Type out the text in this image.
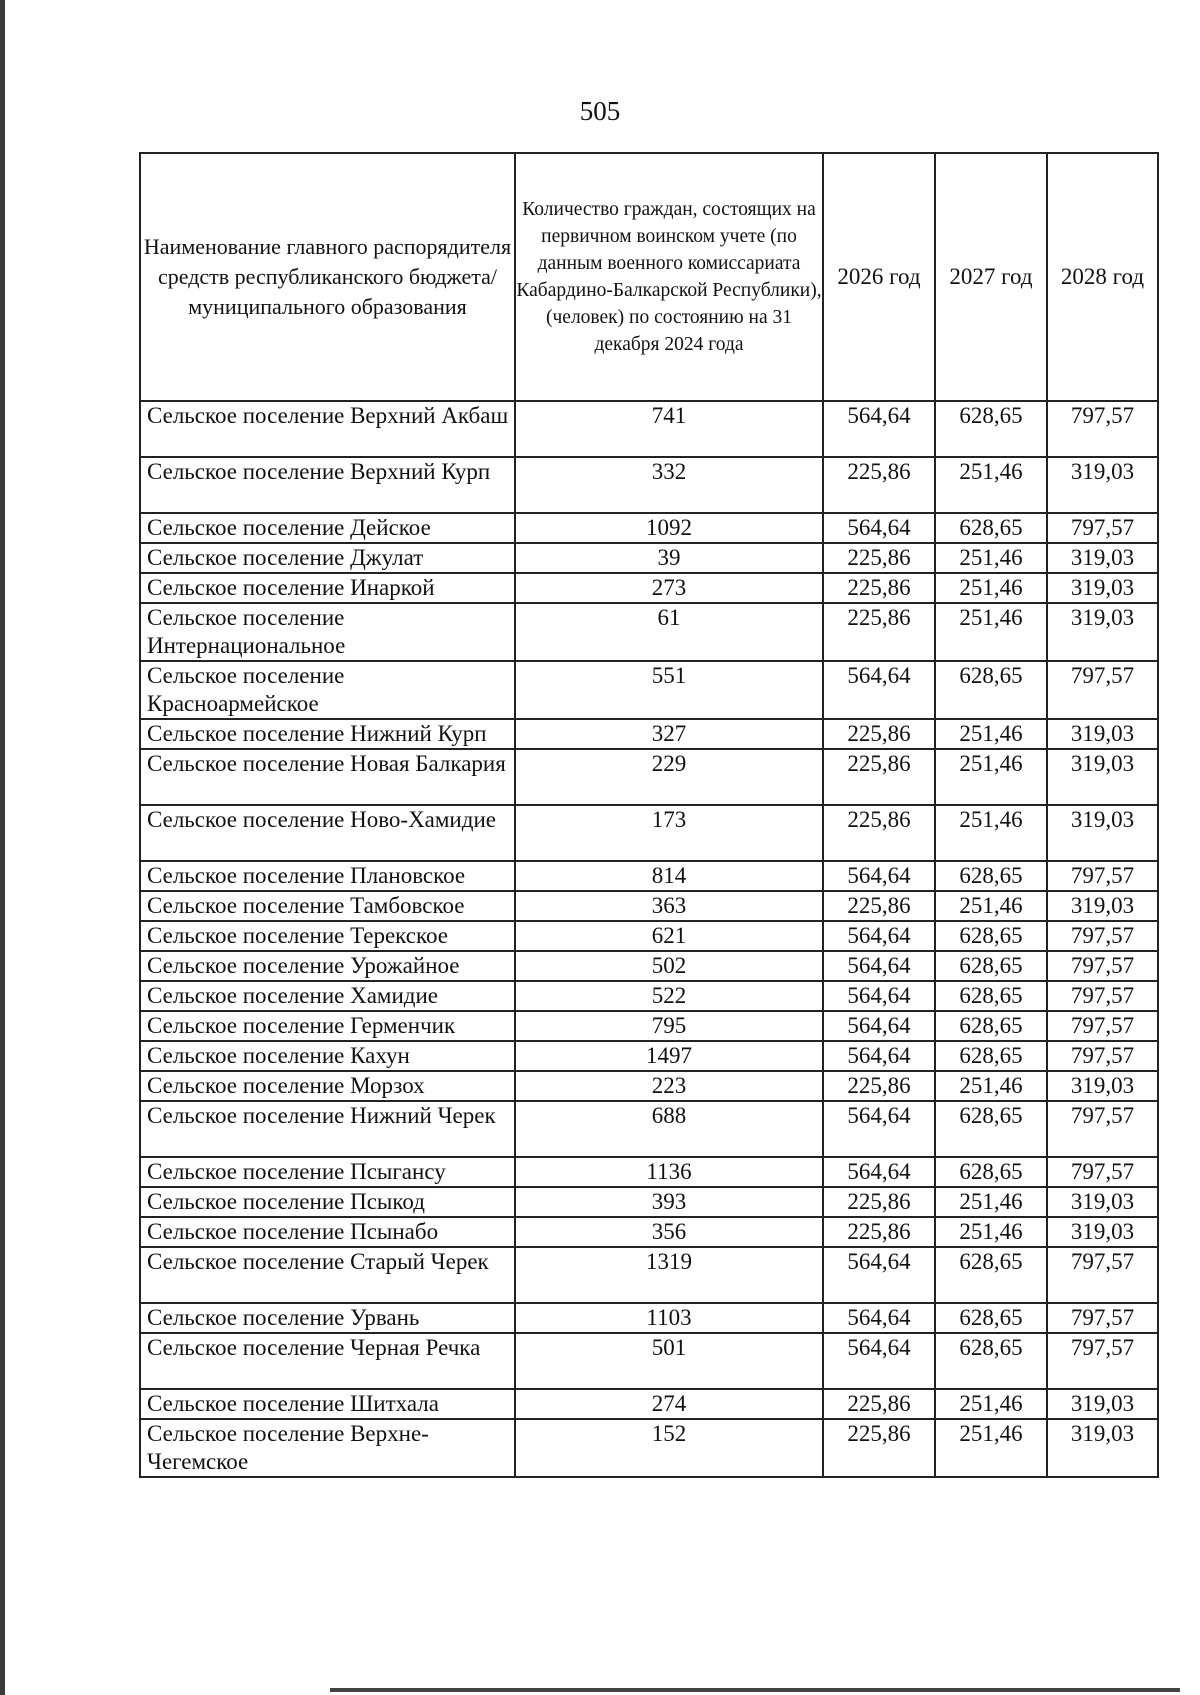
505
Наименование главного распорядителя средств республиканского бюджета/муниципального образования	Количество граждан, состоящих на первичном воинском учете (по данным военного комиссариата Кабардино-Балкарской Республики), (человек) по состоянию на 31 декабря 2024 года	2026 год	2027 год	2028 год
Сельское поселение Верхний Акбаш	741	564,64	628,65	797,57
Сельское поселение Верхний Курп	332	225,86	251,46	319,03
Сельское поселение Дейское	1092	564,64	628,65	797,57
Сельское поселение Джулат	39	225,86	251,46	319,03
Сельское поселение Инаркой	273	225,86	251,46	319,03
Сельское поселение Интернациональное	61	225,86	251,46	319,03
Сельское поселение Красноармейское	551	564,64	628,65	797,57
Сельское поселение Нижний Курп	327	225,86	251,46	319,03
Сельское поселение Новая Балкария	229	225,86	251,46	319,03
Сельское поселение Ново-Хамидие	173	225,86	251,46	319,03
Сельское поселение Плановское	814	564,64	628,65	797,57
Сельское поселение Тамбовское	363	225,86	251,46	319,03
Сельское поселение Терекское	621	564,64	628,65	797,57
Сельское поселение Урожайное	502	564,64	628,65	797,57
Сельское поселение Хамидие	522	564,64	628,65	797,57
Сельское поселение Герменчик	795	564,64	628,65	797,57
Сельское поселение Кахун	1497	564,64	628,65	797,57
Сельское поселение Морзох	223	225,86	251,46	319,03
Сельское поселение Нижний Черек	688	564,64	628,65	797,57
Сельское поселение Псыгансу	1136	564,64	628,65	797,57
Сельское поселение Псыкод	393	225,86	251,46	319,03
Сельское поселение Псынабо	356	225,86	251,46	319,03
Сельское поселение Старый Черек	1319	564,64	628,65	797,57
Сельское поселение Урвань	1103	564,64	628,65	797,57
Сельское поселение Черная Речка	501	564,64	628,65	797,57
Сельское поселение Шитхала	274	225,86	251,46	319,03
Сельское поселение Верхне-Чегемское	152	225,86	251,46	319,03
